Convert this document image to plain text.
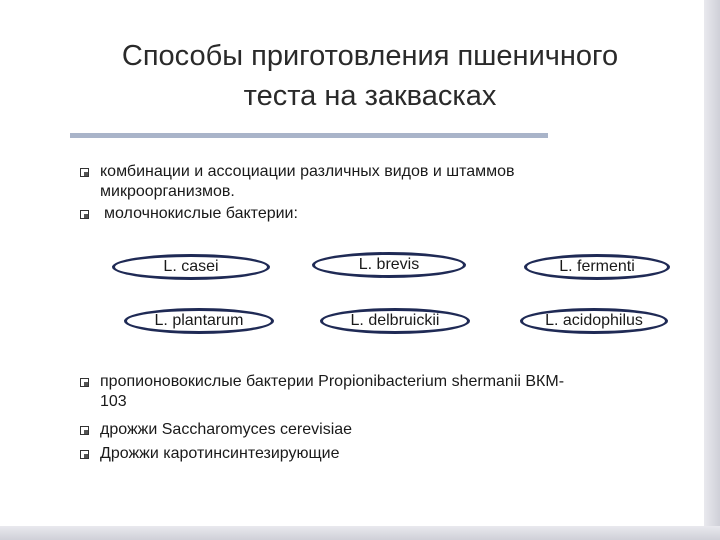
Способы приготовления пшеничного
теста на заквасках
комбинации и ассоциации различных видов и штаммов
микроорганизмов.
молочнокислые бактерии:
L. casei	L. brevis	L. fermenti
L. plantarum	L. delbruickii	L. acidophilus
пропионовокислые бактерии Propionibacterium shermanii ВКМ-
103
дрожжи Saccharomyces cerevisiae
Дрожжи каротинсинтезирующие
